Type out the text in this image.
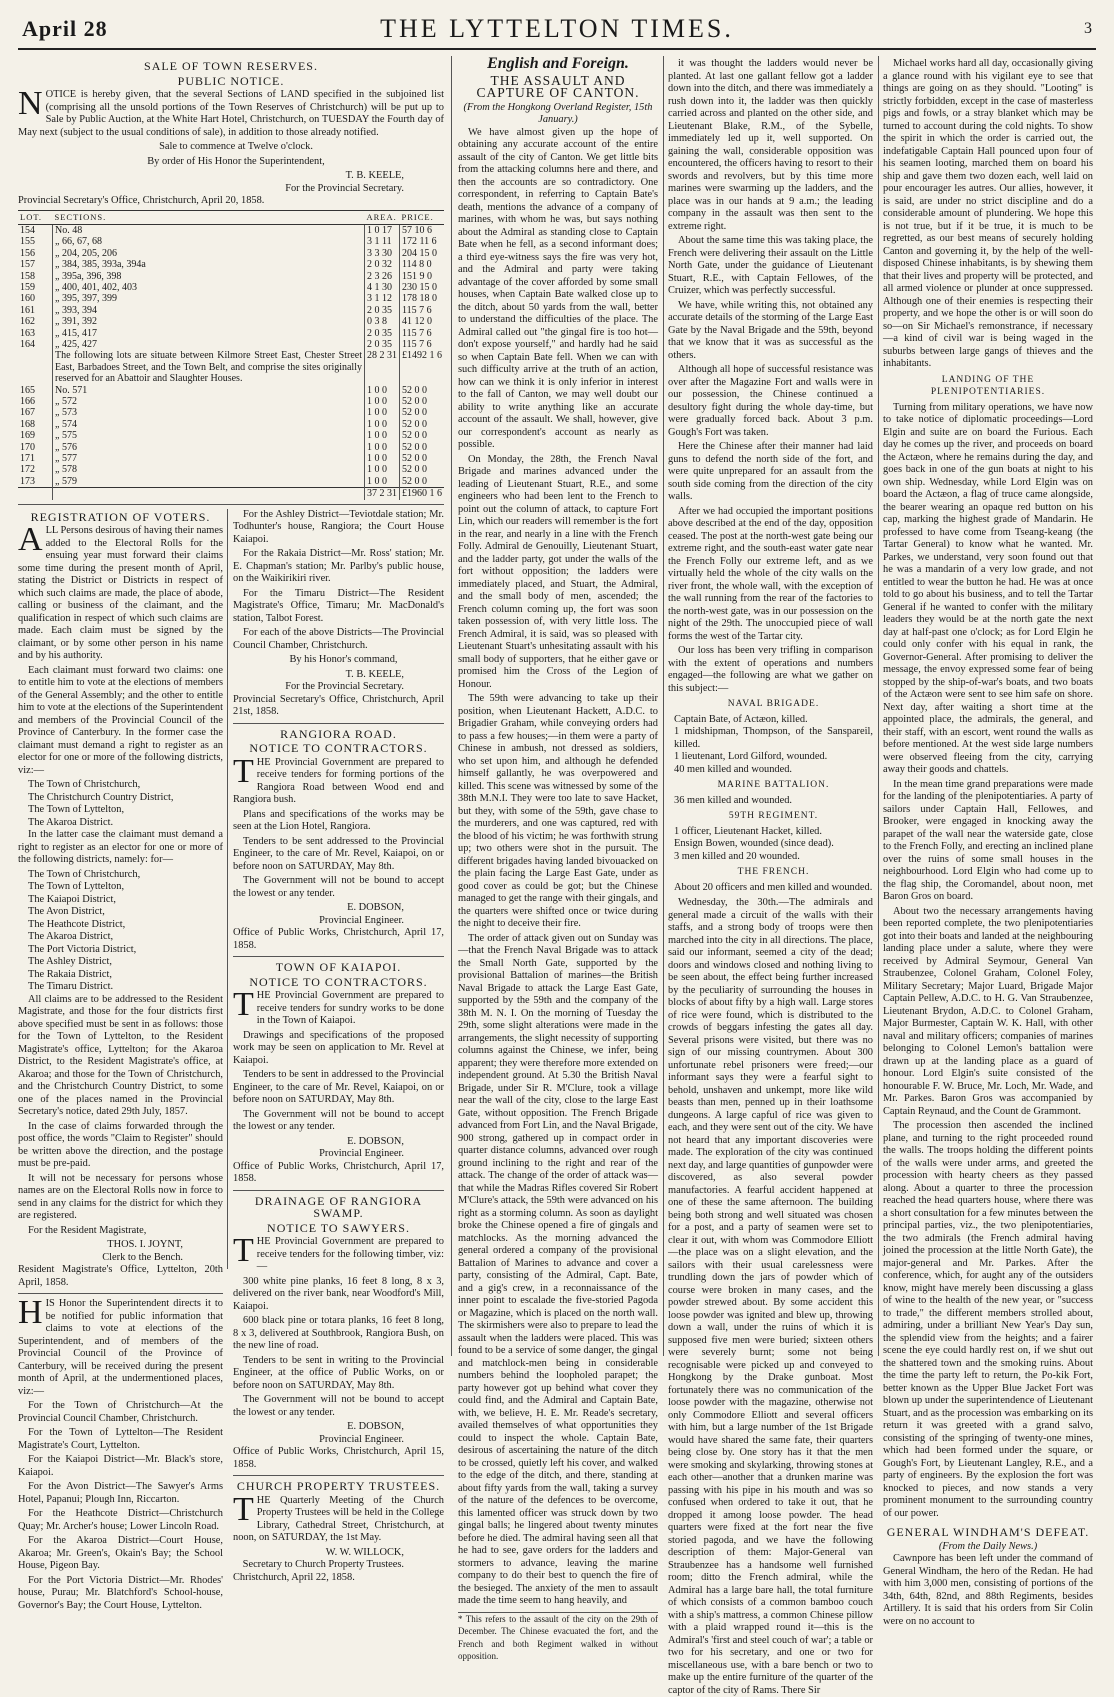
April 28	THE LYTTELTON TIMES.	3
SALE OF TOWN RESERVES.
PUBLIC NOTICE.

NOTICE is hereby given, that the several Sections of LAND specified in the subjoined list (comprising all the unsold portions of the Town Reserves of Christchurch) will be put up to Sale by Public Auction, at the White Hart Hotel, Christchurch, on TUESDAY the Fourth day of May next (subject to the usual conditions of sale), in addition to those already notified.

Sale to commence at Twelve o'clock.

By order of His Honor the Superintendent,

T. B. KEELE,
For the Provincial Secretary.

Provincial Secretary's Office, Christchurch, April 20, 1858.

LOT.	SECTIONS.	AREA.	PRICE.
154	No. 48	1 0 17	57 10 6
155	„ 66, 67, 68	3 1 11	172 11 6
156	„ 204, 205, 206	3 3 30	204 15 0
157	„ 384, 385, 393a, 394a	2 0 32	114 8 0
158	„ 395a, 396, 398	2 3 26	151 9 0
159	„ 400, 401, 402, 403	4 1 30	230 15 0
160	„ 395, 397, 399	3 1 12	178 18 0
161	„ 393, 394	2 0 35	115 7 6
162	„ 391, 392	0 3 8	41 12 0
163	„ 415, 417	2 0 35	115 7 6
164	„ 425, 427	2 0 35	115 7 6
	The following lots are situate between Kilmore Street East, Chester Street East, Barbadoes Street, and the Town Belt, and comprise the sites originally reserved for an Abattoir and Slaughter Houses.	28 2 31	£1492 1 6
165	No. 571	1 0 0	52 0 0
166	„ 572	1 0 0	52 0 0
167	„ 573	1 0 0	52 0 0
168	„ 574	1 0 0	52 0 0
169	„ 575	1 0 0	52 0 0
170	„ 576	1 0 0	52 0 0
171	„ 577	1 0 0	52 0 0
172	„ 578	1 0 0	52 0 0
173	„ 579	1 0 0	52 0 0
		37 2 31	£1960 1 6
REGISTRATION OF VOTERS.

ALL Persons desirous of having their names added to the Electoral Rolls for the ensuing year must forward their claims some time during the present month of April, stating the District or Districts in respect of which such claims are made, the place of abode, calling or business of the claimant, and the qualification in respect of which such claims are made. Each claim must be signed by the claimant, or by some other person in his name and by his authority.

Each claimant must forward two claims: one to entitle him to vote at the elections of members of the General Assembly; and the other to entitle him to vote at the elections of the Superintendent and members of the Provincial Council of the Province of Canterbury. In the former case the claimant must demand a right to register as an elector for one or more of the following districts, viz:—

The Town of Christchurch,
The Christchurch Country District,
The Town of Lyttelton,
The Akaroa District.

In the latter case the claimant must demand a right to register as an elector for one or more of the following districts, namely: for—

The Town of Christchurch,
The Town of Lyttelton,
The Kaiapoi District,
The Avon District,
The Heathcote District,
The Akaroa District,
The Port Victoria District,
The Ashley District,
The Rakaia District,
The Timaru District.

All claims are to be addressed to the Resident Magistrate, and those for the four districts first above specified must be sent in as follows: those for the Town of Lyttelton, to the Resident Magistrate's office, Lyttelton; for the Akaroa District, to the Resident Magistrate's office, at Akaroa; and those for the Town of Christchurch, and the Christchurch Country District, to some one of the places named in the Provincial Secretary's notice, dated 29th July, 1857.

In the case of claims forwarded through the post office, the words "Claim to Register" should be written above the direction, and the postage must be pre-paid.

It will not be necessary for persons whose names are on the Electoral Rolls now in force to send in any claims for the district for which they are registered.

For the Resident Magistrate,

THOS. I. JOYNT,
Clerk to the Bench.

Resident Magistrate's Office, Lyttelton, 20th April, 1858.

HIS Honor the Superintendent directs it to be notified for public information that claims to vote at elections of the Superintendent, and of members of the Provincial Council of the Province of Canterbury, will be received during the present month of April, at the undermentioned places, viz:—

For the Town of Christchurch—At the Provincial Council Chamber, Christchurch.

For the Town of Lyttelton—The Resident Magistrate's Court, Lyttelton.

For the Kaiapoi District—Mr. Black's store, Kaiapoi.

For the Avon District—The Sawyer's Arms Hotel, Papanui; Plough Inn, Riccarton.

For the Heathcote District—Christchurch Quay; Mr. Archer's house; Lower Lincoln Road.

For the Akaroa District—Court House, Akaroa; Mr. Green's, Okain's Bay; the School House, Pigeon Bay.

For the Port Victoria District—Mr. Rhodes' house, Purau; Mr. Blatchford's School-house, Governor's Bay; the Court House, Lyttelton.

For the Ashley District—Teviotdale station; Mr. Todhunter's house, Rangiora; the Court House Kaiapoi.

For the Rakaia District—Mr. Ross' station; Mr. E. Chapman's station; Mr. Parlby's public house, on the Waikirikiri river.

For the Timaru District—The Resident Magistrate's Office, Timaru; Mr. MacDonald's station, Talbot Forest.

For each of the above Districts—The Provincial Council Chamber, Christchurch.

By his Honor's command,

T. B. KEELE,
For the Provincial Secretary.

Provincial Secretary's Office, Christchurch, April 21st, 1858.

RANGIORA ROAD.
NOTICE TO CONTRACTORS.

THE Provincial Government are prepared to receive tenders for forming portions of the Rangiora Road between Wood end and Rangiora bush.

Plans and specifications of the works may be seen at the Lion Hotel, Rangiora.

Tenders to be sent addressed to the Provincial Engineer, to the care of Mr. Revel, Kaiapoi, on or before noon on SATURDAY, May 8th.

The Government will not be bound to accept the lowest or any tender.

E. DOBSON,
Provincial Engineer.

Office of Public Works, Christchurch, April 17, 1858.

TOWN OF KAIAPOI.
NOTICE TO CONTRACTORS.

THE Provincial Government are prepared to receive tenders for sundry works to be done in the Town of Kaiapoi.

Drawings and specifications of the proposed work may be seen on application to Mr. Revel at Kaiapoi.

Tenders to be sent in addressed to the Provincial Engineer, to the care of Mr. Revel, Kaiapoi, on or before noon on SATURDAY, May 8th.

The Government will not be bound to accept the lowest or any tender.

E. DOBSON,
Provincial Engineer.

Office of Public Works, Christchurch, April 17, 1858.

DRAINAGE OF RANGIORA SWAMP.
NOTICE TO SAWYERS.

THE Provincial Government are prepared to receive tenders for the following timber, viz:—

300 white pine planks, 16 feet 8 long, 8 x 3, delivered on the river bank, near Woodford's Mill, Kaiapoi.

600 black pine or totara planks, 16 feet 8 long, 8 x 3, delivered at Southbrook, Rangiora Bush, on the new line of road.

Tenders to be sent in writing to the Provincial Engineer, at the office of Public Works, on or before noon on SATURDAY, May 8th.

The Government will not be bound to accept the lowest or any tender.

E. DOBSON,
Provincial Engineer.

Office of Public Works, Christchurch, April 15, 1858.

CHURCH PROPERTY TRUSTEES.

THE Quarterly Meeting of the Church Property Trustees will be held in the College Library, Cathedral Street, Christchurch, at noon, on SATURDAY, the 1st May.

W. W. WILLOCK,
Secretary to Church Property Trustees.

Christchurch, April 22, 1858.

English and Foreign.
THE ASSAULT AND CAPTURE OF CANTON.
(From the Hongkong Overland Register, 15th January.)

We have almost given up the hope of obtaining any accurate account of the entire assault of the city of Canton. We get little bits from the attacking columns here and there, and then the accounts are so contradictory. One correspondent, in referring to Captain Bate's death, mentions the advance of a company of marines, with whom he was, but says nothing about the Admiral as standing close to Captain Bate when he fell, as a second informant does; a third eye-witness says the fire was very hot, and the Admiral and party were taking advantage of the cover afforded by some small houses, when Captain Bate walked close up to the ditch, about 50 yards from the wall, better to understand the difficulties of the place. The Admiral called out "the gingal fire is too hot—don't expose yourself," and hardly had he said so when Captain Bate fell. When we can with such difficulty arrive at the truth of an action, how can we think it is only inferior in interest to the fall of Canton, we may well doubt our ability to write anything like an accurate account of the assault. We shall, however, give our correspondent's account as nearly as possible.

On Monday, the 28th, the French Naval Brigade and marines advanced under the leading of Lieutenant Stuart, R.E., and some engineers who had been lent to the French to point out the column of attack, to capture Fort Lin, which our readers will remember is the fort in the rear, and nearly in a line with the French Folly. Admiral de Genouilly, Lieutenant Stuart, and the ladder party, got under the walls of the fort without opposition; the ladders were immediately placed, and Stuart, the Admiral, and the small body of men, ascended; the French column coming up, the fort was soon taken possession of, with very little loss. The French Admiral, it is said, was so pleased with Lieutenant Stuart's unhesitating assault with his small body of supporters, that he either gave or promised him the Cross of the Legion of Honour.

The 59th were advancing to take up their position, when Lieutenant Hackett, A.D.C. to Brigadier Graham, while conveying orders had to pass a few houses;—in them were a party of Chinese in ambush, not dressed as soldiers, who set upon him, and although he defended himself gallantly, he was overpowered and killed. This scene was witnessed by some of the 38th M.N.I. They were too late to save Hacket, but they, with some of the 59th, gave chase to the murderers, and one was captured, red with the blood of his victim; he was forthwith strung up; two others were shot in the pursuit. The different brigades having landed bivouacked on the plain facing the Large East Gate, under as good cover as could be got; but the Chinese managed to get the range with their gingals, and the quarters were shifted once or twice during the night to deceive their fire.

The order of attack given out on Sunday was—that the French Naval Brigade was to attack the Small North Gate, supported by the provisional Battalion of marines—the British Naval Brigade to attack the Large East Gate, supported by the 59th and the company of the 38th M. N. I. On the morning of Tuesday the 29th, some slight alterations were made in the arrangements, the slight necessity of supporting columns against the Chinese, we infer, being apparent; they were therefore more extended on independent ground. At 5.30 the British Naval Brigade, under Sir R. M'Clure, took a village near the wall of the city, close to the large East Gate, without opposition. The French Brigade advanced from Fort Lin, and the Naval Brigade, 900 strong, gathered up in compact order in quarter distance columns, advanced over rough ground inclining to the right and rear of the attack. The change of the order of attack was—that while the Madras Rifles covered Sir Robert M'Clure's attack, the 59th were advanced on his right as a storming column. As soon as daylight broke the Chinese opened a fire of gingals and matchlocks. As the morning advanced the general ordered a company of the provisional Battalion of Marines to advance and cover a party, consisting of the Admiral, Capt. Bate, and a gig's crew, in a reconnaissance of the inner point to escalade the five-storied Pagoda or Magazine, which is placed on the north wall. The skirmishers were also to prepare to lead the assault when the ladders were placed. This was found to be a service of some danger, the gingal and matchlock-men being in considerable numbers behind the loopholed parapet; the party however got up behind what cover they could find, and the Admiral and Captain Bate, with, we believe, H. E. Mr. Reade's secretary, availed themselves of what opportunities they could to inspect the whole. Captain Bate, desirous of ascertaining the nature of the ditch to be crossed, quietly left his cover, and walked to the edge of the ditch, and there, standing at about fifty yards from the wall, taking a survey of the nature of the defences to be overcome, this lamented officer was struck down by two gingal balls; he lingered about twenty minutes before he died. The admiral having seen all that he had to see, gave orders for the ladders and stormers to advance, leaving the marine company to do their best to quench the fire of the besieged. The anxiety of the men to assault made the time seem to hang heavily, and

* This refers to the assault of the city on the 29th of December. The Chinese evacuated the fort, and the French and both Regiment walked in without opposition.

it was thought the ladders would never be planted. At last one gallant fellow got a ladder down into the ditch, and there was immediately a rush down into it, the ladder was then quickly carried across and planted on the other side, and Lieutenant Blake, R.M., of the Sybelle, immediately led up it, well supported. On gaining the wall, considerable opposition was encountered, the officers having to resort to their swords and revolvers, but by this time more marines were swarming up the ladders, and the place was in our hands at 9 a.m.; the leading company in the assault was then sent to the extreme right.

About the same time this was taking place, the French were delivering their assault on the Little North Gate, under the guidance of Lieutenant Stuart, R.E., with Captain Fellowes, of the Cruizer, which was perfectly successful.

We have, while writing this, not obtained any accurate details of the storming of the Large East Gate by the Naval Brigade and the 59th, beyond that we know that it was as successful as the others.

Although all hope of successful resistance was over after the Magazine Fort and walls were in our possession, the Chinese continued a desultory fight during the whole day-time, but were gradually forced back. About 3 p.m. Gough's Fort was taken.

Here the Chinese after their manner had laid guns to defend the north side of the fort, and were quite unprepared for an assault from the south side coming from the direction of the city walls.

After we had occupied the important positions above described at the end of the day, opposition ceased. The post at the north-west gate being our extreme right, and the south-east water gate near the French Folly our extreme left, and as we virtually held the whole of the city walls on the river front, the whole wall, with the exception of the wall running from the rear of the factories to the north-west gate, was in our possession on the night of the 29th. The unoccupied piece of wall forms the west of the Tartar city.

Our loss has been very trifling in comparison with the extent of operations and numbers engaged—the following are what we gather on this subject:—

NAVAL BRIGADE.
Captain Bate, of Actæon, killed.
1 midshipman, Thompson, of the Sanspareil, killed.
1 lieutenant, Lord Gilford, wounded.
40 men killed and wounded.
MARINE BATTALION.
36 men killed and wounded.
59TH REGIMENT.
1 officer, Lieutenant Hacket, killed.
Ensign Bowen, wounded (since dead).
3 men killed and 20 wounded.
THE FRENCH.
About 20 officers and men killed and wounded.

Wednesday, the 30th.—The admirals and general made a circuit of the walls with their staffs, and a strong body of troops were then marched into the city in all directions. The place, said our informant, seemed a city of the dead; doors and windows closed and nothing living to be seen about, the effect being further increased by the peculiarity of surrounding the houses in blocks of about fifty by a high wall. Large stores of rice were found, which is distributed to the crowds of beggars infesting the gates all day. Several prisons were visited, but there was no sign of our missing countrymen. About 300 unfortunate rebel prisoners were freed;—our informant says they were a fearful sight to behold, unshaven and unkempt, more like wild beasts than men, penned up in their loathsome dungeons. A large capful of rice was given to each, and they were sent out of the city. We have not heard that any important discoveries were made. The exploration of the city was continued next day, and large quantities of gunpowder were discovered, as also several powder manufactories. A fearful accident happened at one of these the same afternoon. The building being both strong and well situated was chosen for a post, and a party of seamen were set to clear it out, with whom was Commodore Elliott—the place was on a slight elevation, and the sailors with their usual carelessness were trundling down the jars of powder which of course were broken in many cases, and the powder strewed about. By some accident this loose powder was ignited and blew up, throwing down a wall, under the ruins of which it is supposed five men were buried; sixteen others were severely burnt; some not being recognisable were picked up and conveyed to Hongkong by the Drake gunboat. Most fortunately there was no communication of the loose powder with the magazine, otherwise not only Commodore Elliott and several officers with him, but a large number of the 1st Brigade would have shared the same fate, their quarters being close by. One story has it that the men were smoking and skylarking, throwing stones at each other—another that a drunken marine was passing with his pipe in his mouth and was so confused when ordered to take it out, that he dropped it among loose powder. The head quarters were fixed at the fort near the five storied pagoda, and we have the following description of them: Major-General van Straubenzee has a handsome well furnished room; ditto the French admiral, while the Admiral has a large bare hall, the total furniture of which consists of a common bamboo couch with a ship's mattress, a common Chinese pillow with a plaid wrapped round it—this is the Admiral's 'first and steel couch of war'; a table or two for his secretary, and one or two for miscellaneous use, with a bare bench or two to make up the entire furniture of the quarter of the captor of the city of Rams. There Sir

Michael works hard all day, occasionally giving a glance round with his vigilant eye to see that things are going on as they should. "Looting" is strictly forbidden, except in the case of masterless pigs and fowls, or a stray blanket which may be turned to account during the cold nights. To show the spirit in which the order is carried out, the indefatigable Captain Hall pounced upon four of his seamen looting, marched them on board his ship and gave them two dozen each, well laid on pour encourager les autres. Our allies, however, it is said, are under no strict discipline and do a considerable amount of plundering. We hope this is not true, but if it be true, it is much to be regretted, as our best means of securely holding Canton and governing it, by the help of the well-disposed Chinese inhabitants, is by shewing them that their lives and property will be protected, and all armed violence or plunder at once suppressed. Although one of their enemies is respecting their property, and we hope the other is or will soon do so—on Sir Michael's remonstrance, if necessary—a kind of civil war is being waged in the suburbs between large gangs of thieves and the inhabitants.

LANDING OF THE PLENIPOTENTIARIES.

Turning from military operations, we have now to take notice of diplomatic proceedings—Lord Elgin and suite are on board the Furious. Each day he comes up the river, and proceeds on board the Actæon, where he remains during the day, and goes back in one of the gun boats at night to his own ship. Wednesday, while Lord Elgin was on board the Actæon, a flag of truce came alongside, the bearer wearing an opaque red button on his cap, marking the highest grade of Mandarin. He professed to have come from Tseang-keang (the Tartar General) to know what he wanted. Mr. Parkes, we understand, very soon found out that he was a mandarin of a very low grade, and not entitled to wear the button he had. He was at once told to go about his business, and to tell the Tartar General if he wanted to confer with the military leaders they would be at the north gate the next day at half-past one o'clock; as for Lord Elgin he could only confer with his equal in rank, the Governor-General. After promising to deliver the message, the envoy expressed some fear of being stopped by the ship-of-war's boats, and two boats of the Actæon were sent to see him safe on shore. Next day, after waiting a short time at the appointed place, the admirals, the general, and their staff, with an escort, went round the walls as before mentioned. At the west side large numbers were observed fleeing from the city, carrying away their goods and chattels.

In the mean time grand preparations were made for the landing of the plenipotentiaries. A party of sailors under Captain Hall, Fellowes, and Brooker, were engaged in knocking away the parapet of the wall near the waterside gate, close to the French Folly, and erecting an inclined plane over the ruins of some small houses in the neighbourhood. Lord Elgin who had come up to the flag ship, the Coromandel, about noon, met Baron Gros on board.

About two the necessary arrangements having been reported complete, the two plenipotentiaries got into their boats and landed at the neighbouring landing place under a salute, where they were received by Admiral Seymour, General Van Straubenzee, Colonel Graham, Colonel Foley, Military Secretary; Major Luard, Brigade Major Captain Pellew, A.D.C. to H. G. Van Straubenzee, Lieutenant Brydon, A.D.C. to Colonel Graham, Major Burmester, Captain W. K. Hall, with other naval and military officers; companies of marines belonging to Colonel Lemon's battalion were drawn up at the landing place as a guard of honour. Lord Elgin's suite consisted of the honourable F. W. Bruce, Mr. Loch, Mr. Wade, and Mr. Parkes. Baron Gros was accompanied by Captain Reynaud, and the Count de Grammont.

The procession then ascended the inclined plane, and turning to the right proceeded round the walls. The troops holding the different points of the walls were under arms, and greeted the procession with hearty cheers as they passed along. About a quarter to three the procession reached the head quarters house, where there was a short consultation for a few minutes between the principal parties, viz., the two plenipotentiaries, the two admirals (the French admiral having joined the procession at the little North Gate), the major-general and Mr. Parkes. After the conference, which, for aught any of the outsiders know, might have merely been discussing a glass of wine to the health of the new year, or "success to trade," the different members strolled about, admiring, under a brilliant New Year's Day sun, the splendid view from the heights; and a fairer scene the eye could hardly rest on, if we shut out the shattered town and the smoking ruins. About the time the party left to return, the Po-kik Fort, better known as the Upper Blue Jacket Fort was blown up under the superintendence of Lieutenant Stuart, and as the procession was embarking on its return it was greeted with a grand salvo, consisting of the springing of twenty-one mines, which had been formed under the square, or Gough's Fort, by Lieutenant Langley, R.E., and a party of engineers. By the explosion the fort was knocked to pieces, and now stands a very prominent monument to the surrounding country of our power.

GENERAL WINDHAM'S DEFEAT.
(From the Daily News.)

Cawnpore has been left under the command of General Windham, the hero of the Redan. He had with him 3,000 men, consisting of portions of the 34th, 64th, 82nd, and 88th Regiments, besides Artillery. It is said that his orders from Sir Colin were on no account to
